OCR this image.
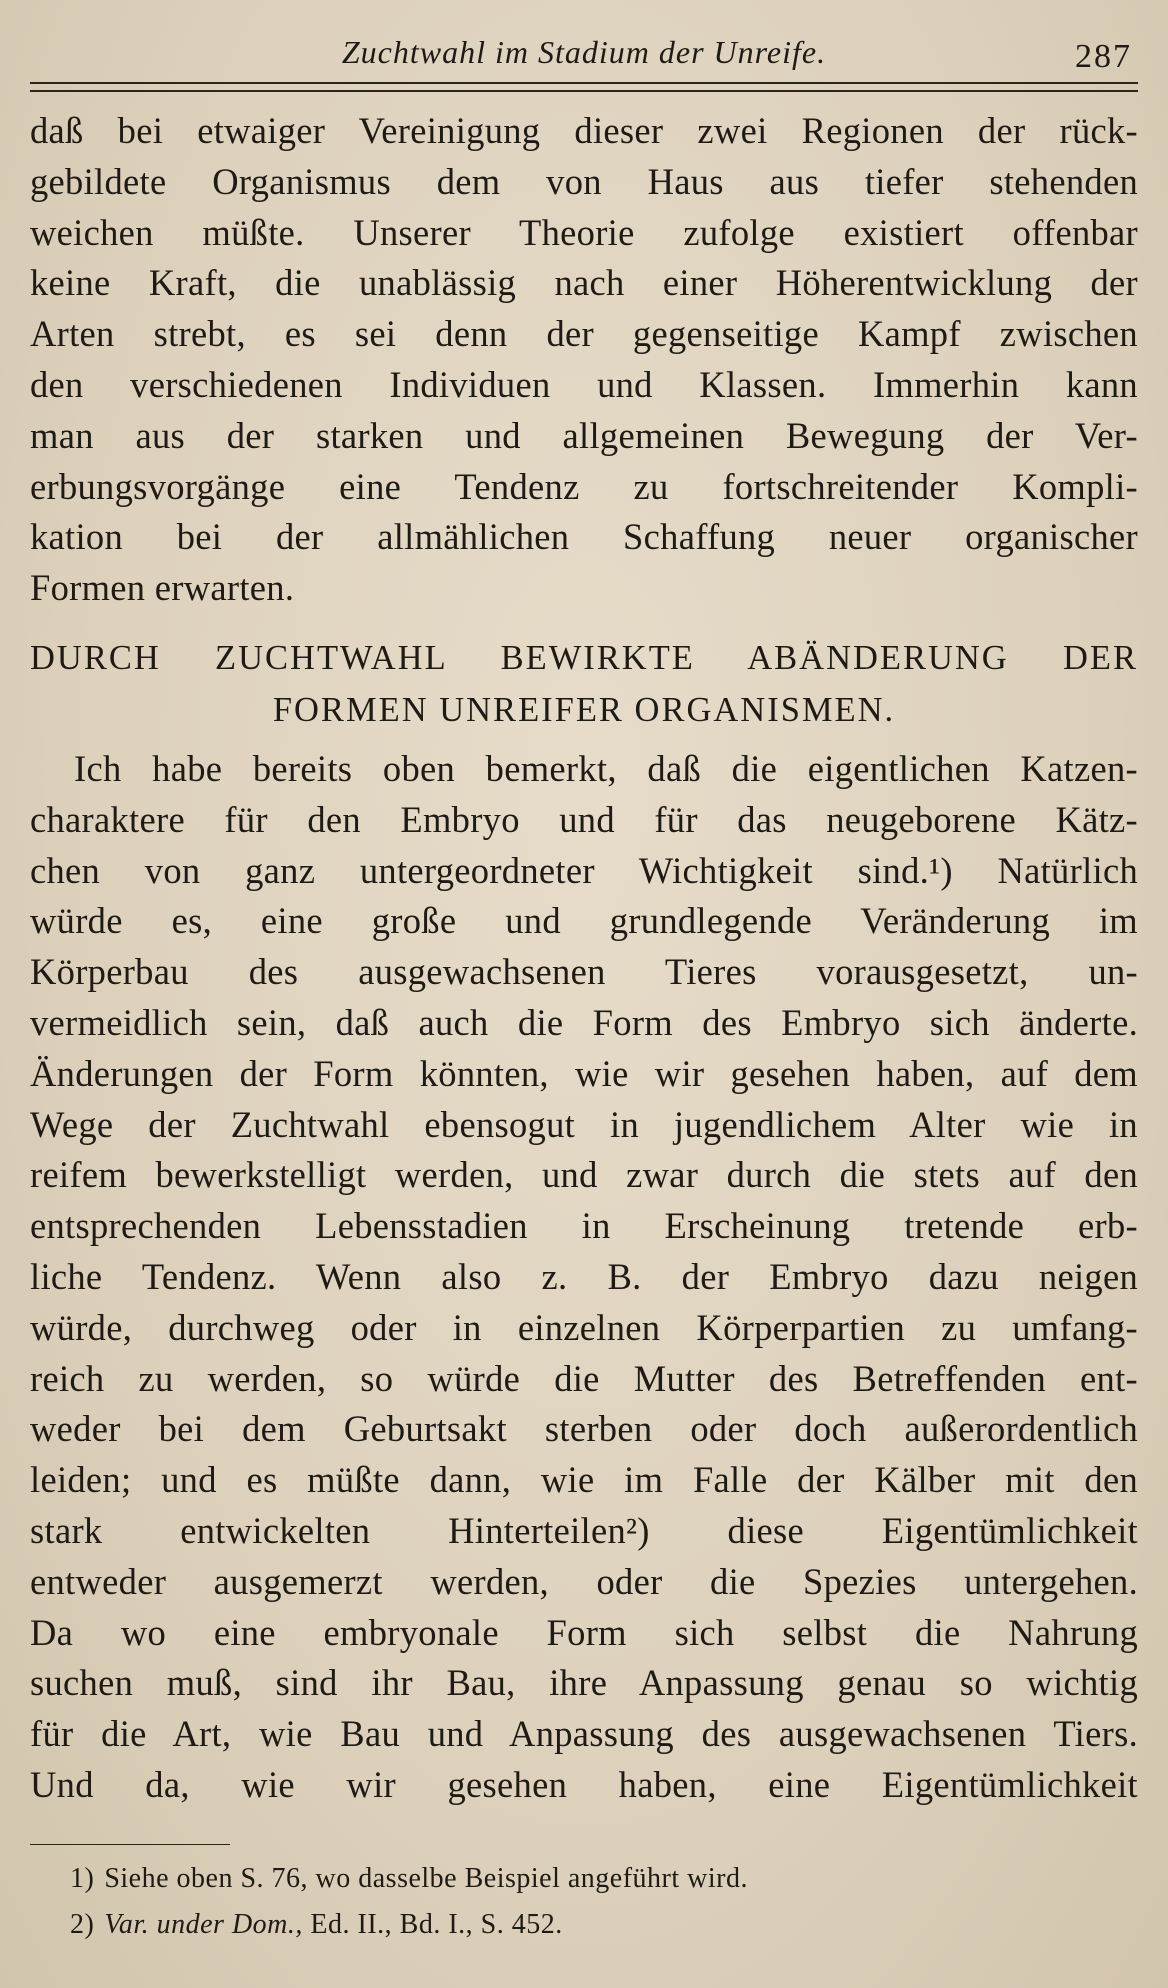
Zuchtwahl im Stadium der Unreife.	287
daß bei etwaiger Vereinigung dieser zwei Regionen der rück-
gebildete Organismus dem von Haus aus tiefer stehenden
weichen müßte. Unserer Theorie zufolge existiert offenbar
keine Kraft, die unablässig nach einer Höherentwicklung der
Arten strebt, es sei denn der gegenseitige Kampf zwischen
den verschiedenen Individuen und Klassen. Immerhin kann
man aus der starken und allgemeinen Bewegung der Ver-
erbungsvorgänge eine Tendenz zu fortschreitender Kompli-
kation bei der allmählichen Schaffung neuer organischer
Formen erwarten.
DURCH ZUCHTWAHL BEWIRKTE ABÄNDERUNG DER
FORMEN UNREIFER ORGANISMEN.
Ich habe bereits oben bemerkt, daß die eigentlichen Katzen-
charaktere für den Embryo und für das neugeborene Kätz-
chen von ganz untergeordneter Wichtigkeit sind.¹) Natürlich
würde es, eine große und grundlegende Veränderung im
Körperbau des ausgewachsenen Tieres vorausgesetzt, un-
vermeidlich sein, daß auch die Form des Embryo sich änderte.
Änderungen der Form könnten, wie wir gesehen haben, auf dem
Wege der Zuchtwahl ebensogut in jugendlichem Alter wie in
reifem bewerkstelligt werden, und zwar durch die stets auf den
entsprechenden Lebensstadien in Erscheinung tretende erb-
liche Tendenz. Wenn also z. B. der Embryo dazu neigen
würde, durchweg oder in einzelnen Körperpartien zu umfang-
reich zu werden, so würde die Mutter des Betreffenden ent-
weder bei dem Geburtsakt sterben oder doch außerordentlich
leiden; und es müßte dann, wie im Falle der Kälber mit den
stark entwickelten Hinterteilen²) diese Eigentümlichkeit
entweder ausgemerzt werden, oder die Spezies untergehen.
Da wo eine embryonale Form sich selbst die Nahrung
suchen muß, sind ihr Bau, ihre Anpassung genau so wichtig
für die Art, wie Bau und Anpassung des ausgewachsenen Tiers.
Und da, wie wir gesehen haben, eine Eigentümlichkeit
1) Siehe oben S. 76, wo dasselbe Beispiel angeführt wird.
2) Var. under Dom., Ed. II., Bd. I., S. 452.
